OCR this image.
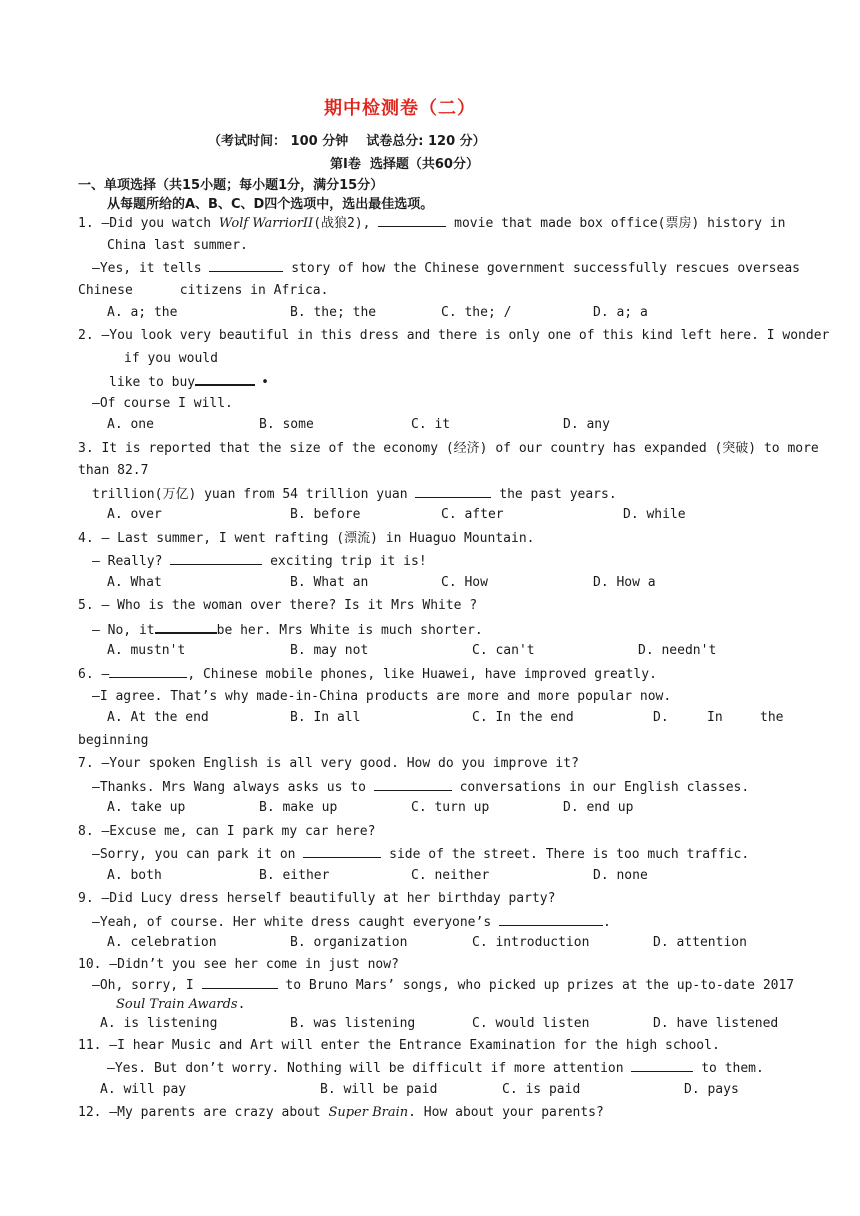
期中检测卷（二）
（考试时间： 100 分钟    试卷总分: 120 分）
第Ⅰ卷  选择题（共60分）
一、单项选择（共15小题；每小题1分，满分15分）
从每题所给的A、B、C、D四个选项中，选出最佳选项。
1. —Did you watch Wolf WarriorII(战狼2),	movie that made box office(票房) history in
China last summer.
—Yes, it tells	story of how the Chinese government successfully rescues overseas
Chinese      citizens in Africa.
A. a; the	B. the; the	C. the; /	D. a; a
2. —You look very beautiful in this dress and there is only one of this kind left here. I wonder
if you would
like to buy	•
—Of course I will.
A. one	B. some	C. it	D. any
3. It is reported that the size of the economy (经济) of our country has expanded (突破) to more
than 82.7
trillion(万亿) yuan from 54 trillion yuan	the past years.
A. over	B. before	C. after	D. while
4. — Last summer, I went rafting (漂流) in Huaguo Mountain.
— Really?	exciting trip it is!
A. What	B. What an	C. How	D. How a
5. — Who is the woman over there? Is it Mrs White ?
— No, it	be her. Mrs White is much shorter.
A. mustn't	B. may not	C. can't	D. needn't
6. —	, Chinese mobile phones, like Huawei, have improved greatly.
—I agree. That’s why made-in-China products are more and more popular now.
A. At the end	B. In all	C. In the end	D.	In	the
beginning
7. —Your spoken English is all very good. How do you improve it?
—Thanks. Mrs Wang always asks us to	conversations in our English classes.
A. take up	B. make up	C. turn up	D. end up
8. —Excuse me, can I park my car here?
—Sorry, you can park it on	side of the street. There is too much traffic.
A. both	B. either	C. neither	D. none
9. —Did Lucy dress herself beautifully at her birthday party?
—Yeah, of course. Her white dress caught everyone’s	.
A. celebration	B. organization	C. introduction	D. attention
10. —Didn’t you see her come in just now?
—Oh, sorry, I	to Bruno Mars’ songs, who picked up prizes at the up-to-date 2017
Soul Train Awards.
A. is listening	B. was listening	C. would listen	D. have listened
11. —I hear Music and Art will enter the Entrance Examination for the high school.
—Yes. But don’t worry. Nothing will be difficult if more attention	to them.
A. will pay	B. will be paid	C. is paid	D. pays
12. —My parents are crazy about Super Brain. How about your parents?
